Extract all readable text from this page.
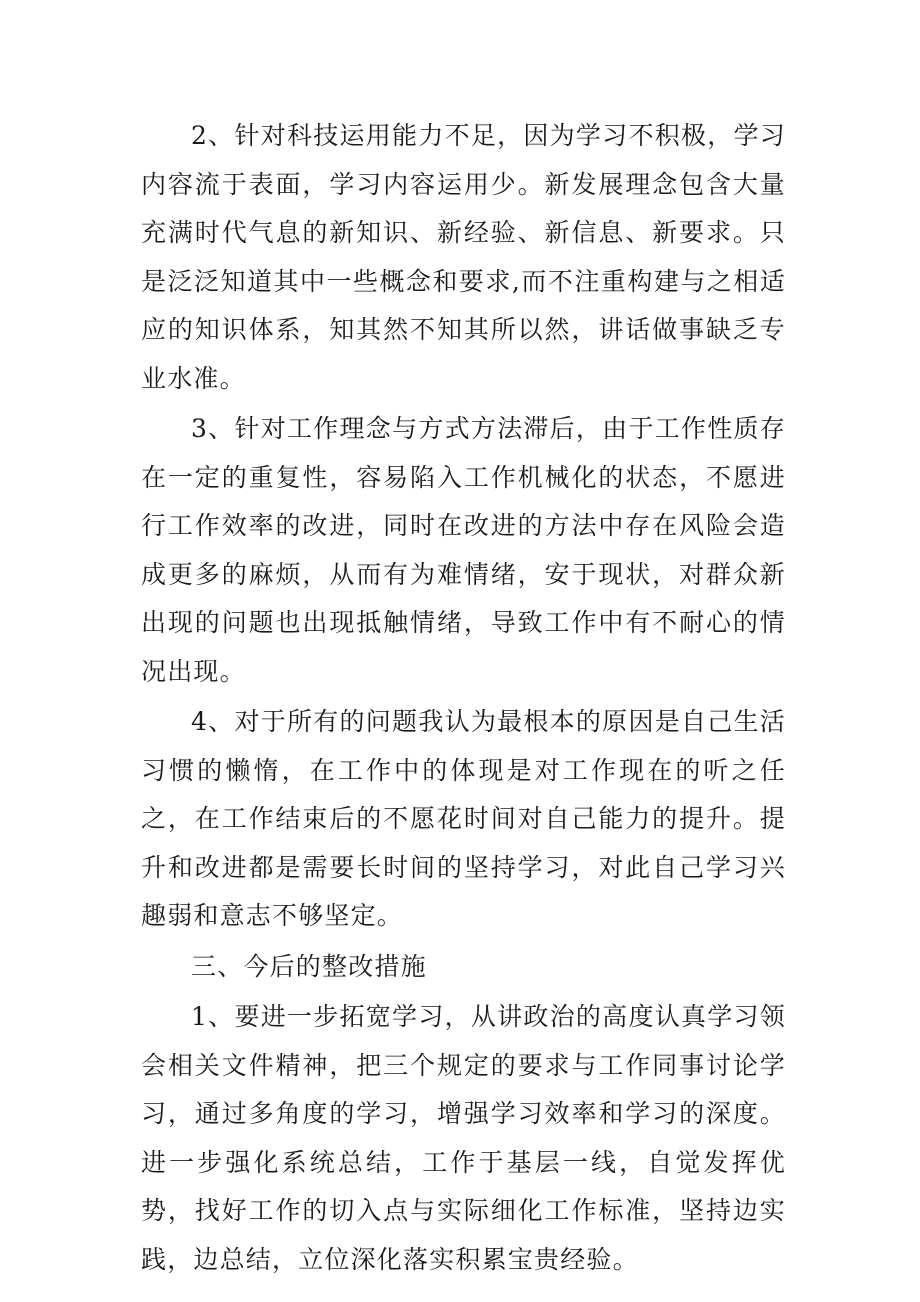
2、针对科技运用能力不足，因为学习不积极，学习内容流于表面，学习内容运用少。新发展理念包含大量充满时代气息的新知识、新经验、新信息、新要求。只是泛泛知道其中一些概念和要求,而不注重构建与之相适应的知识体系，知其然不知其所以然，讲话做事缺乏专业水准。

3、针对工作理念与方式方法滞后，由于工作性质存在一定的重复性，容易陷入工作机械化的状态，不愿进行工作效率的改进，同时在改进的方法中存在风险会造成更多的麻烦，从而有为难情绪，安于现状，对群众新出现的问题也出现抵触情绪，导致工作中有不耐心的情况出现。

4、对于所有的问题我认为最根本的原因是自己生活习惯的懒惰，在工作中的体现是对工作现在的听之任之，在工作结束后的不愿花时间对自己能力的提升。提升和改进都是需要长时间的坚持学习，对此自己学习兴趣弱和意志不够坚定。

三、今后的整改措施

1、要进一步拓宽学习，从讲政治的高度认真学习领会相关文件精神，把三个规定的要求与工作同事讨论学习，通过多角度的学习，增强学习效率和学习的深度。进一步强化系统总结，工作于基层一线，自觉发挥优势，找好工作的切入点与实际细化工作标准，坚持边实践，边总结，立位深化落实积累宝贵经验。
